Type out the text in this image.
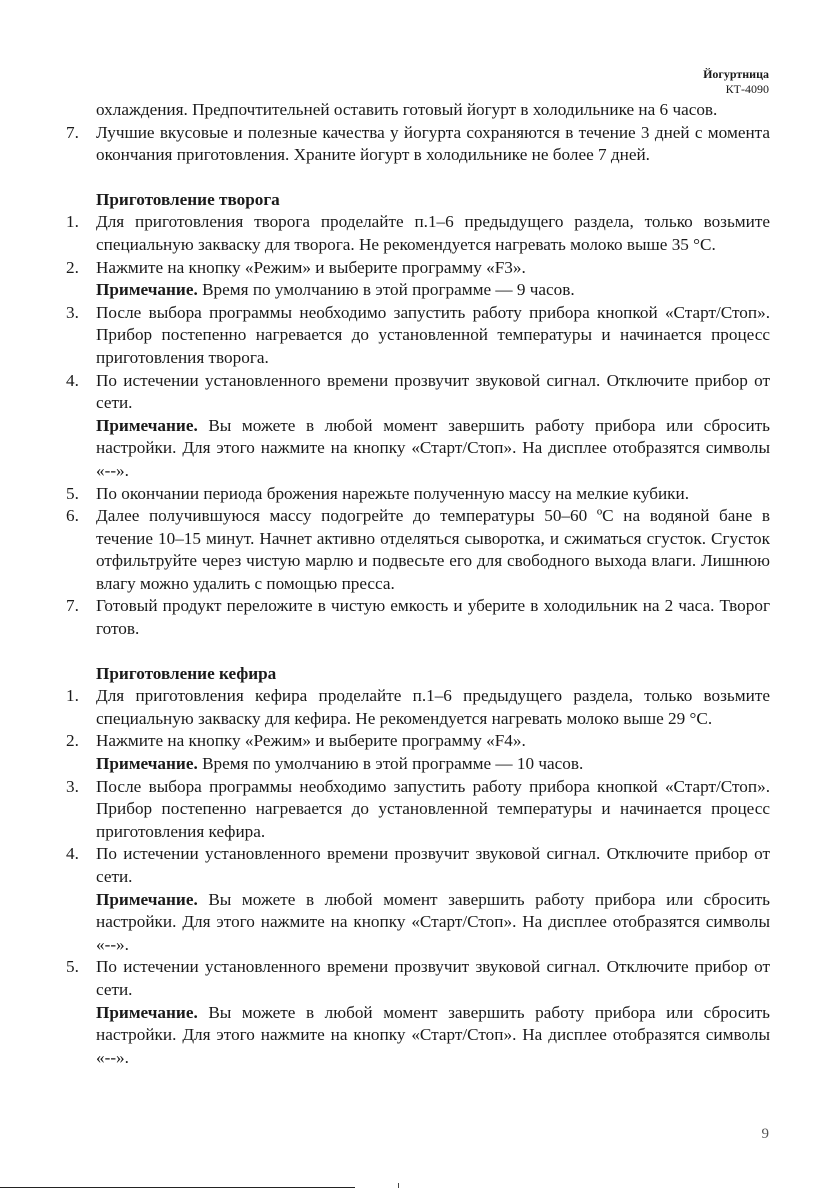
Йогуртница
КТ-4090
охлаждения. Предпочтительней оставить готовый йогурт в холодильнике на 6 часов.
7. Лучшие вкусовые и полезные качества у йогурта сохраняются в течение 3 дней с момента окончания приготовления. Храните йогурт в холодильнике не более 7 дней.
Приготовление творога
1. Для приготовления творога проделайте п.1–6 предыдущего раздела, только возьмите специальную закваску для творога. Не рекомендуется нагревать молоко выше 35 °С.
2. Нажмите на кнопку «Режим» и выберите программу «F3».
Примечание. Время по умолчанию в этой программе — 9 часов.
3. После выбора программы необходимо запустить работу прибора кнопкой «Старт/Стоп». Прибор постепенно нагревается до установленной температуры и начинается процесс приготовления творога.
4. По истечении установленного времени прозвучит звуковой сигнал. Отключите прибор от сети.
Примечание. Вы можете в любой момент завершить работу прибора или сбросить настройки. Для этого нажмите на кнопку «Старт/Стоп». На дисплее отобразятся символы «--».
5. По окончании периода брожения нарежьте полученную массу на мелкие кубики.
6. Далее получившуюся массу подогрейте до температуры 50–60 ºС на водяной бане в течение 10–15 минут. Начнет активно отделяться сыворотка, и сжиматься сгусток. Сгусток отфильтруйте через чистую марлю и подвесьте его для свободного выхода влаги. Лишнюю влагу можно удалить с помощью пресса.
7. Готовый продукт переложите в чистую емкость и уберите в холодильник на 2 часа. Творог готов.
Приготовление кефира
1. Для приготовления кефира проделайте п.1–6 предыдущего раздела, только возьмите специальную закваску для кефира. Не рекомендуется нагревать молоко выше 29 °С.
2. Нажмите на кнопку «Режим» и выберите программу «F4».
Примечание. Время по умолчанию в этой программе — 10 часов.
3. После выбора программы необходимо запустить работу прибора кнопкой «Старт/Стоп». Прибор постепенно нагревается до установленной температуры и начинается процесс приготовления кефира.
4. По истечении установленного времени прозвучит звуковой сигнал. Отключите прибор от сети.
Примечание. Вы можете в любой момент завершить работу прибора или сбросить настройки. Для этого нажмите на кнопку «Старт/Стоп». На дисплее отобразятся символы «--».
5. По истечении установленного времени прозвучит звуковой сигнал. Отключите прибор от сети.
Примечание. Вы можете в любой момент завершить работу прибора или сбросить настройки. Для этого нажмите на кнопку «Старт/Стоп». На дисплее отобразятся символы «--».
9
